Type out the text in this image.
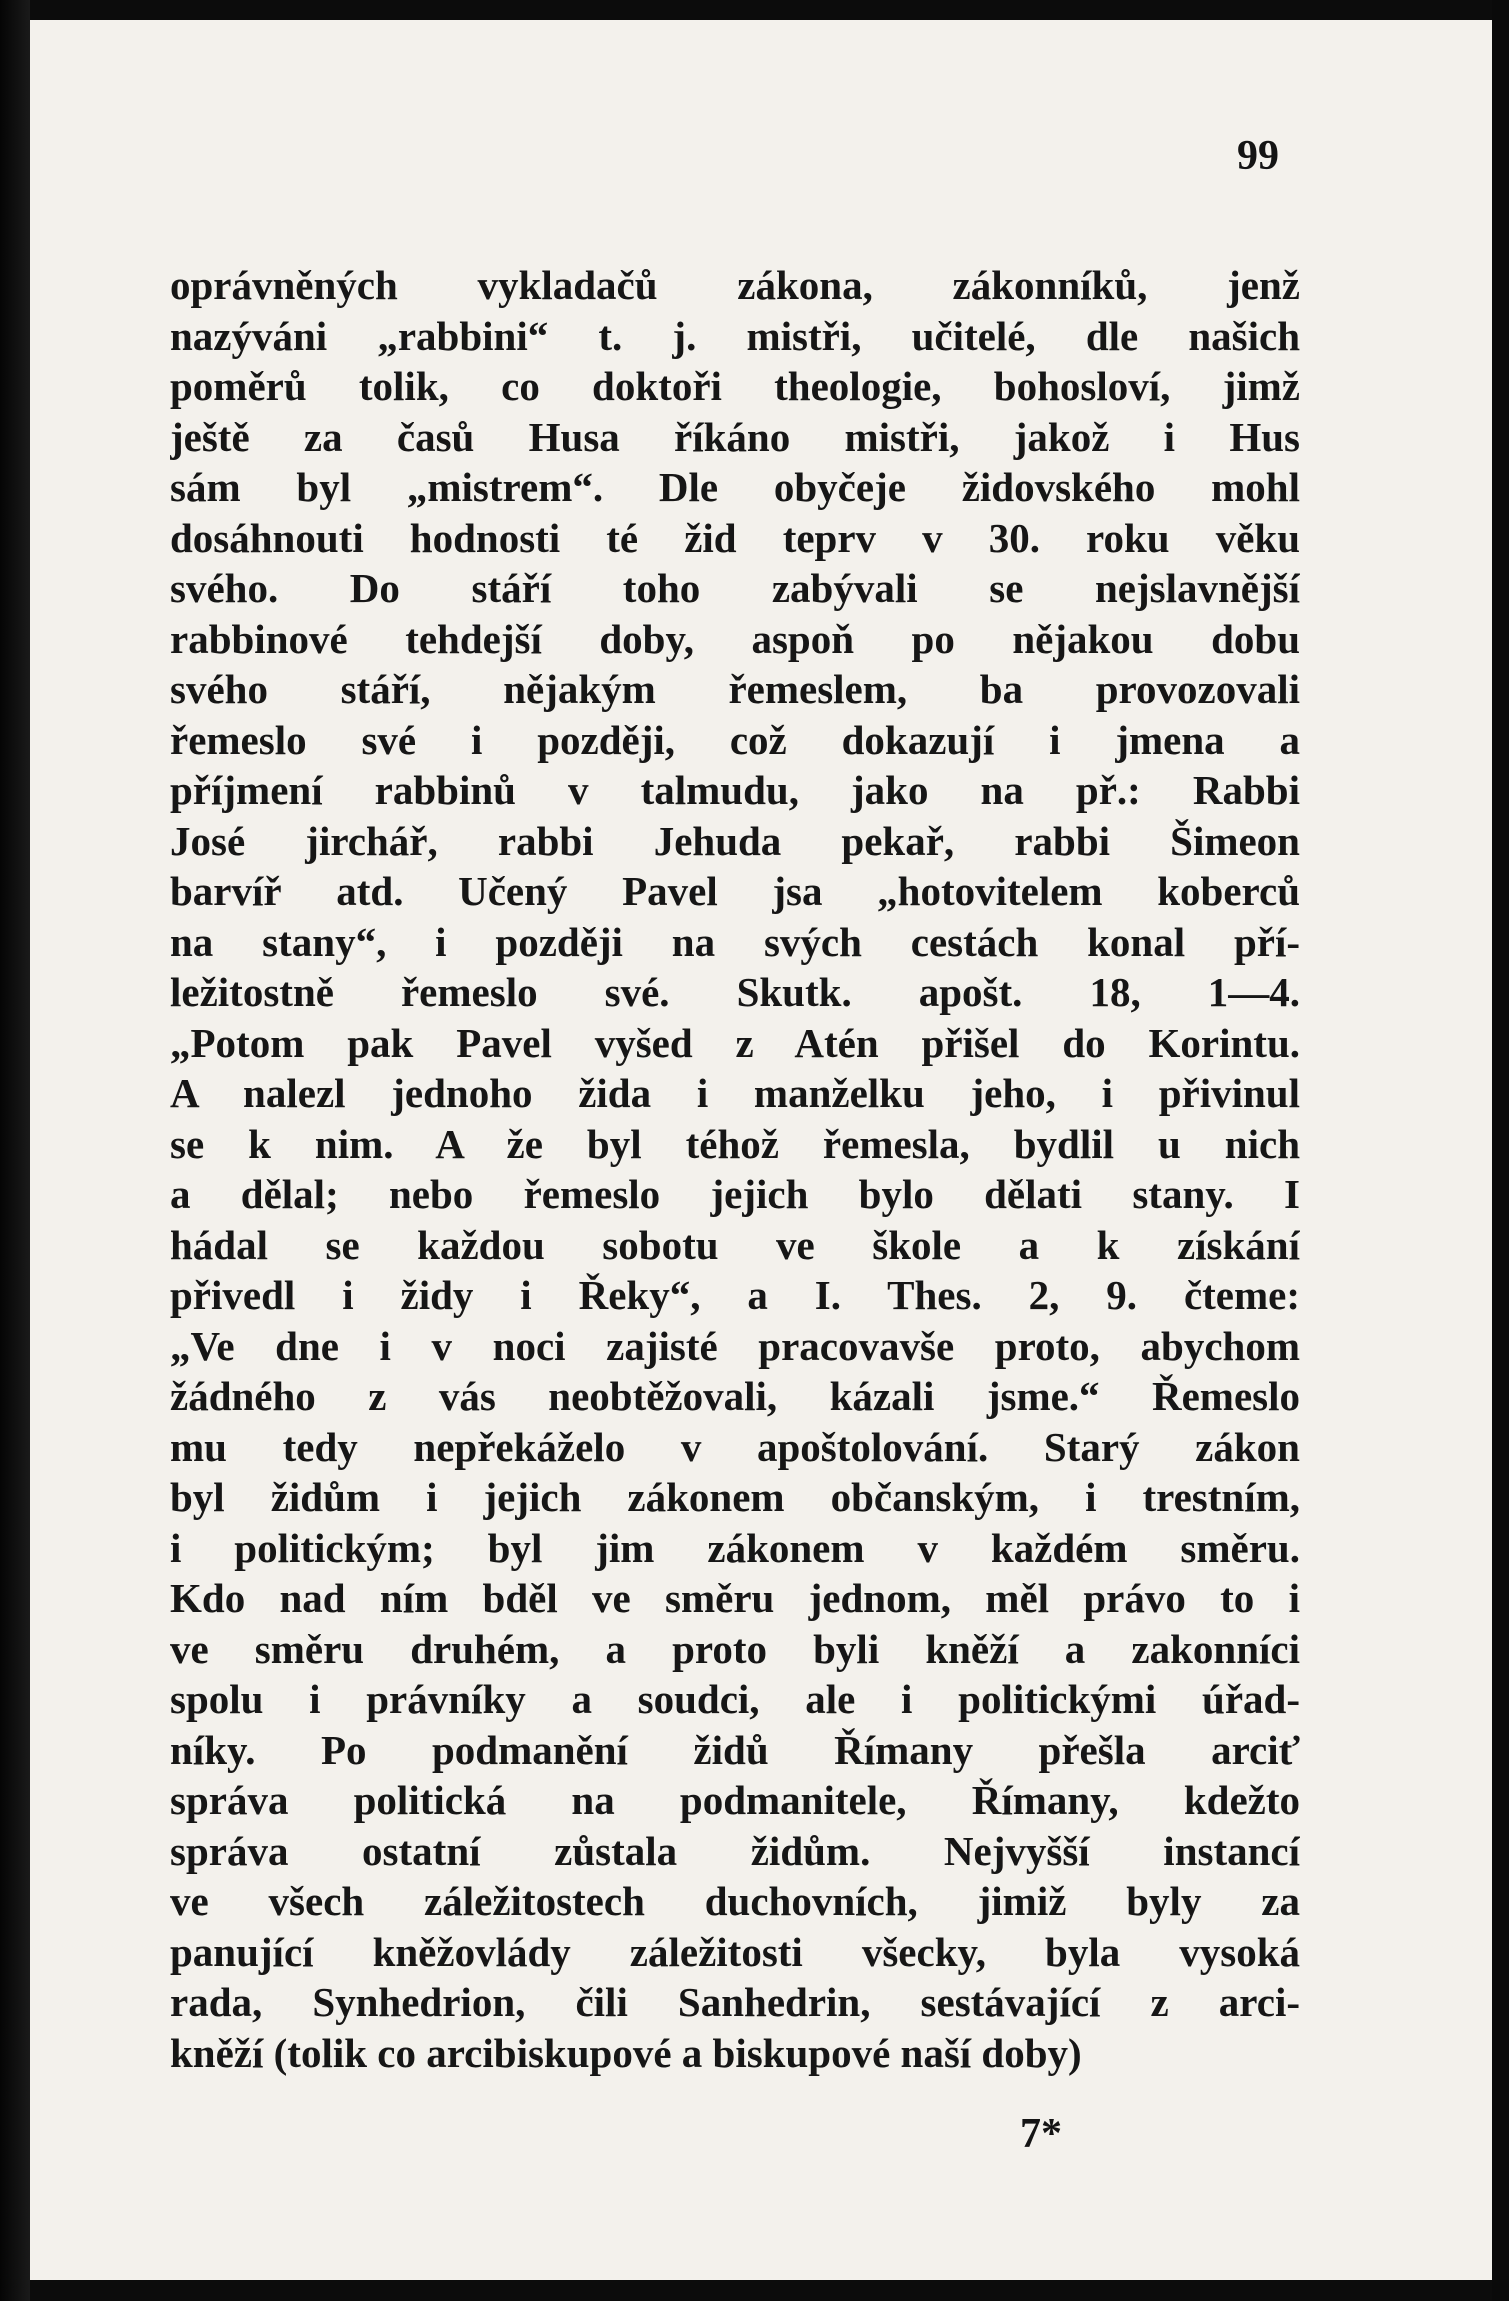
99
oprávněných vykladačů zákona, zákonníků, jenž
nazýváni „rabbini“ t. j. mistři, učitelé, dle našich
poměrů tolik, co doktoři theologie, bohosloví, jimž
ještě za časů Husa říkáno mistři, jakož i Hus
sám byl „mistrem“. Dle obyčeje židovského mohl
dosáhnouti hodnosti té žid teprv v 30. roku věku
svého. Do stáří toho zabývali se nejslavnější
rabbinové tehdejší doby, aspoň po nějakou dobu
svého stáří, nějakým řemeslem, ba provozovali
řemeslo své i později, což dokazují i jmena a
příjmení rabbinů v talmudu, jako na př.: Rabbi
José jirchář, rabbi Jehuda pekař, rabbi Šimeon
barvíř atd. Učený Pavel jsa „hotovitelem koberců
na stany“, i později na svých cestách konal pří-
ležitostně řemeslo své. Skutk. apošt. 18, 1—4.
„Potom pak Pavel vyšed z Atén přišel do Korintu.
A nalezl jednoho žida i manželku jeho, i přivinul
se k nim. A že byl téhož řemesla, bydlil u nich
a dělal; nebo řemeslo jejich bylo dělati stany. I
hádal se každou sobotu ve škole a k získání
přivedl i židy i Řeky“, a I. Thes. 2, 9. čteme:
„Ve dne i v noci zajisté pracovavše proto, abychom
žádného z vás neobtěžovali, kázali jsme.“ Řemeslo
mu tedy nepřekáželo v apoštolování. Starý zákon
byl židům i jejich zákonem občanským, i trestním,
i politickým; byl jim zákonem v každém směru.
Kdo nad ním bděl ve směru jednom, měl právo to i
ve směru druhém, a proto byli kněží a zakonníci
spolu i právníky a soudci, ale i politickými úřad-
níky. Po podmanění židů Římany přešla arciť
správa politická na podmanitele, Římany, kdežto
správa ostatní zůstala židům. Nejvyšší instancí
ve všech záležitostech duchovních, jimiž byly za
panující kněžovlády záležitosti všecky, byla vysoká
rada, Synhedrion, čili Sanhedrin, sestávající z arci-
kněží (tolik co arcibiskupové a biskupové naší doby)
7*
